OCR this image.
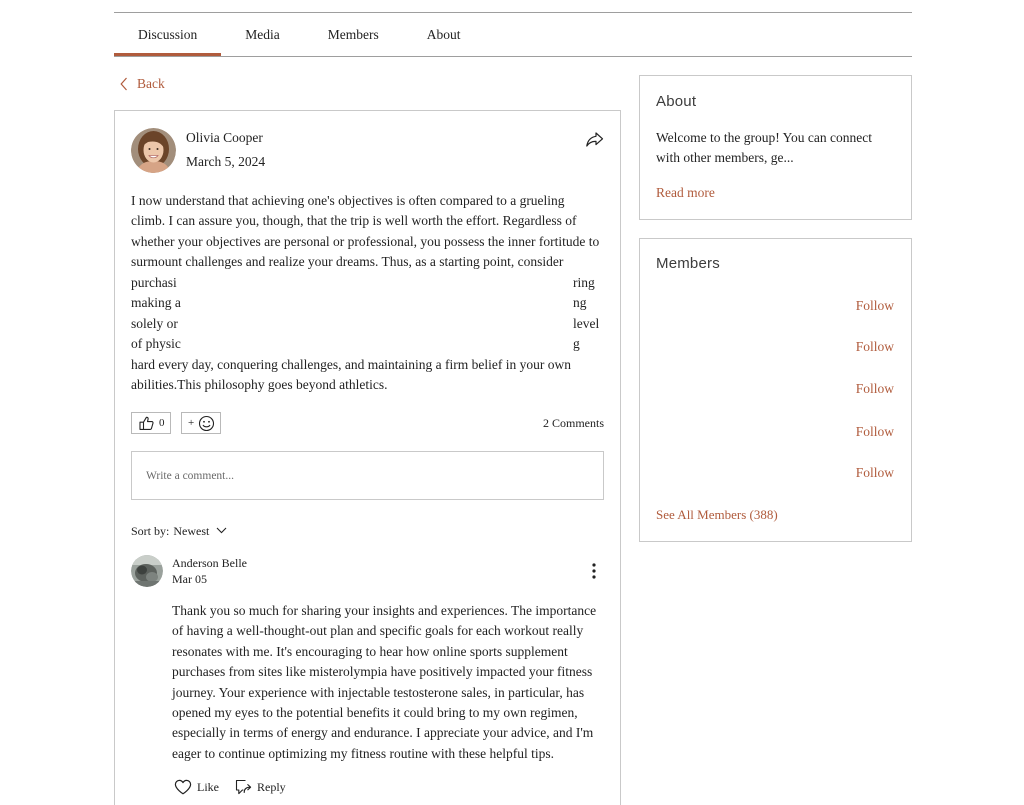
Discussion	Media	Members	About
Back
Olivia Cooper
March 5, 2024
I now understand that achieving one's objectives is often compared to a grueling
climb. I can assure you, though, that the trip is well worth the effort. Regardless of
whether your objectives are personal or professional, you possess the inner fortitude to
surmount challenges and realize your dreams. Thus, as a starting point, consider
purchasi	ring
making a	ng
solely or	level
of physic	g
hard every day, conquering challenges, and maintaining a firm belief in your own
abilities.This philosophy goes beyond athletics.
0 +	2 Comments
Write a comment...
Sort by: Newest
Anderson Belle
Mar 05
Thank you so much for sharing your insights and experiences. The importance
of having a well-thought-out plan and specific goals for each workout really
resonates with me. It's encouraging to hear how online sports supplement
purchases from sites like misterolympia have positively impacted your fitness
journey. Your experience with injectable testosterone sales, in particular, has
opened my eyes to the potential benefits it could bring to my own regimen,
especially in terms of energy and endurance. I appreciate your advice, and I'm
eager to continue optimizing my fitness routine with these helpful tips.
Like	Reply
About
Welcome to the group! You can connect with other members, ge...
Read more
Members
Follow
Follow
Follow
Follow
Follow
See All Members (388)
